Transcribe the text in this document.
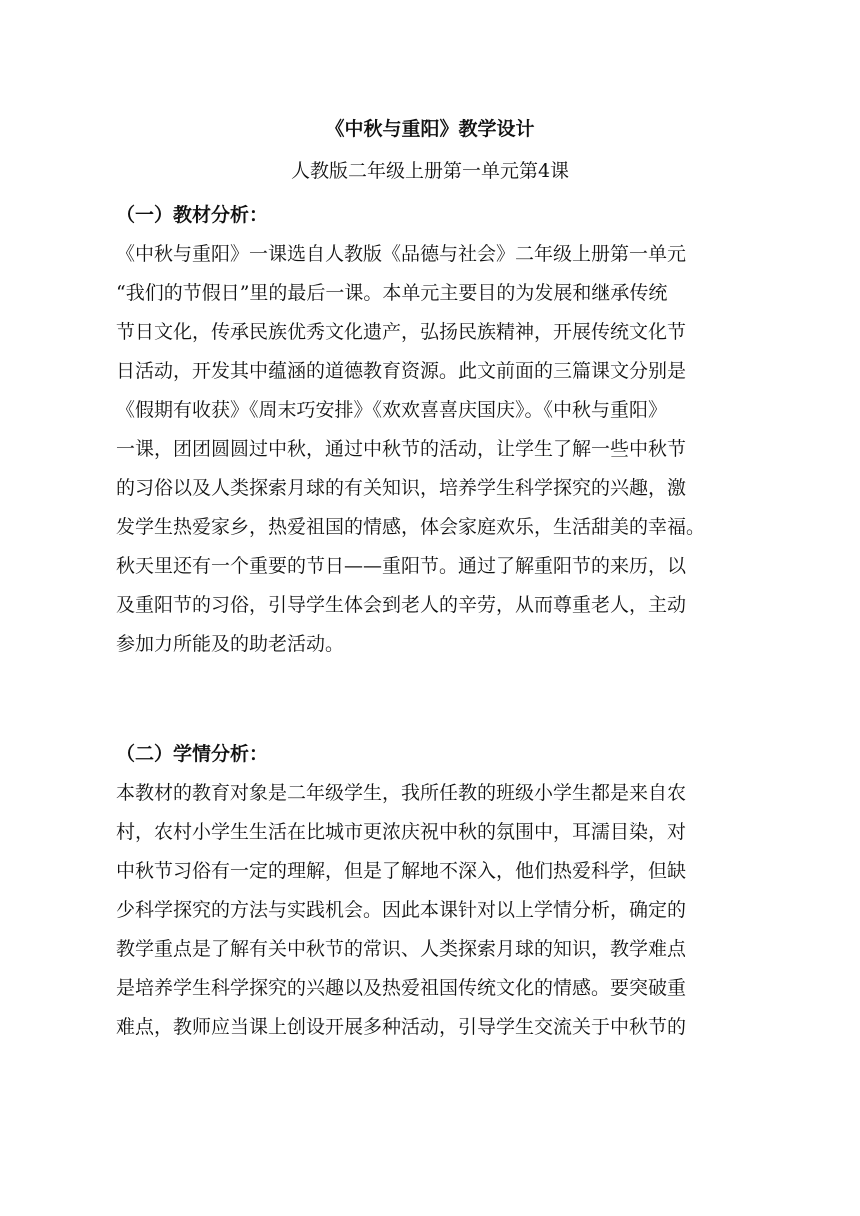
《中秋与重阳》教学设计

人教版二年级上册第一单元第4课

（一）教材分析：
《中秋与重阳》一课选自人教版《品德与社会》二年级上册第一单元
“我们的节假日”里的最后一课。本单元主要目的为发展和继承传统
节日文化，传承民族优秀文化遗产，弘扬民族精神，开展传统文化节
日活动，开发其中蕴涵的道德教育资源。此文前面的三篇课文分别是
《假期有收获》《周末巧安排》《欢欢喜喜庆国庆》。《中秋与重阳》
一课，团团圆圆过中秋，通过中秋节的活动，让学生了解一些中秋节
的习俗以及人类探索月球的有关知识，培养学生科学探究的兴趣，激
发学生热爱家乡，热爱祖国的情感，体会家庭欢乐，生活甜美的幸福。
秋天里还有一个重要的节日——重阳节。通过了解重阳节的来历，以
及重阳节的习俗，引导学生体会到老人的辛劳，从而尊重老人，主动
参加力所能及的助老活动。
（二）学情分析：
本教材的教育对象是二年级学生，我所任教的班级小学生都是来自农
村，农村小学生生活在比城市更浓庆祝中秋的氛围中，耳濡目染，对
中秋节习俗有一定的理解，但是了解地不深入，他们热爱科学，但缺
少科学探究的方法与实践机会。因此本课针对以上学情分析，确定的
教学重点是了解有关中秋节的常识、人类探索月球的知识，教学难点
是培养学生科学探究的兴趣以及热爱祖国传统文化的情感。要突破重
难点，教师应当课上创设开展多种活动，引导学生交流关于中秋节的
